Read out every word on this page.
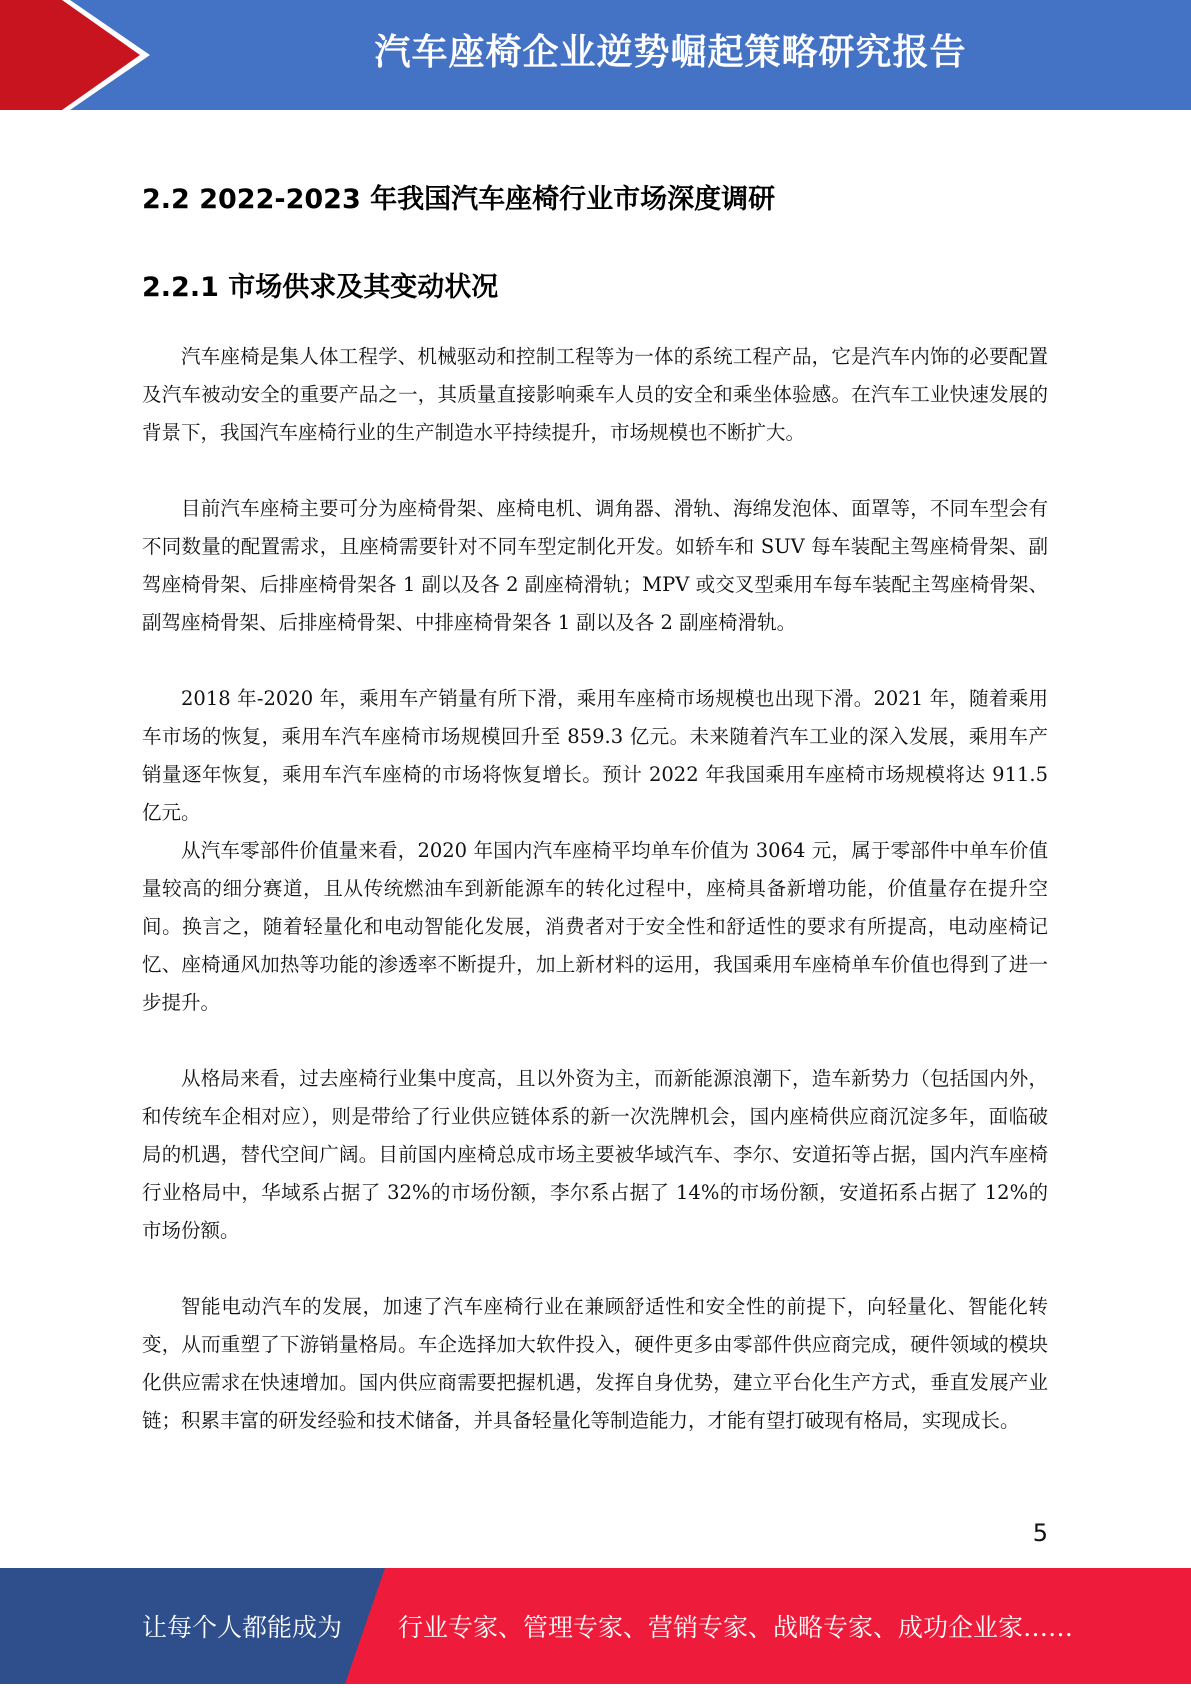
汽车座椅企业逆势崛起策略研究报告
2.2 2022-2023 年我国汽车座椅行业市场深度调研
2.2.1 市场供求及其变动状况

汽车座椅是集人体工程学、机械驱动和控制工程等为一体的系统工程产品，它是汽车内饰的必要配置及汽车被动安全的重要产品之一，其质量直接影响乘车人员的安全和乘坐体验感。在汽车工业快速发展的背景下，我国汽车座椅行业的生产制造水平持续提升，市场规模也不断扩大。

目前汽车座椅主要可分为座椅骨架、座椅电机、调角器、滑轨、海绵发泡体、面罩等，不同车型会有不同数量的配置需求，且座椅需要针对不同车型定制化开发。如轿车和 SUV 每车装配主驾座椅骨架、副驾座椅骨架、后排座椅骨架各 1 副以及各 2 副座椅滑轨；MPV 或交叉型乘用车每车装配主驾座椅骨架、副驾座椅骨架、后排座椅骨架、中排座椅骨架各 1 副以及各 2 副座椅滑轨。

2018 年-2020 年，乘用车产销量有所下滑，乘用车座椅市场规模也出现下滑。2021 年，随着乘用车市场的恢复，乘用车汽车座椅市场规模回升至 859.3 亿元。未来随着汽车工业的深入发展，乘用车产销量逐年恢复，乘用车汽车座椅的市场将恢复增长。预计 2022 年我国乘用车座椅市场规模将达 911.5 亿元。

从汽车零部件价值量来看，2020 年国内汽车座椅平均单车价值为 3064 元，属于零部件中单车价值量较高的细分赛道，且从传统燃油车到新能源车的转化过程中，座椅具备新增功能，价值量存在提升空间。换言之，随着轻量化和电动智能化发展，消费者对于安全性和舒适性的要求有所提高，电动座椅记忆、座椅通风加热等功能的渗透率不断提升，加上新材料的运用，我国乘用车座椅单车价值也得到了进一步提升。

从格局来看，过去座椅行业集中度高，且以外资为主，而新能源浪潮下，造车新势力（包括国内外，和传统车企相对应），则是带给了行业供应链体系的新一次洗牌机会，国内座椅供应商沉淀多年，面临破局的机遇，替代空间广阔。目前国内座椅总成市场主要被华域汽车、李尔、安道拓等占据，国内汽车座椅行业格局中，华域系占据了 32%的市场份额，李尔系占据了 14%的市场份额，安道拓系占据了 12%的市场份额。

智能电动汽车的发展，加速了汽车座椅行业在兼顾舒适性和安全性的前提下，向轻量化、智能化转变，从而重塑了下游销量格局。车企选择加大软件投入，硬件更多由零部件供应商完成，硬件领域的模块化供应需求在快速增加。国内供应商需要把握机遇，发挥自身优势，建立平台化生产方式，垂直发展产业链；积累丰富的研发经验和技术储备，并具备轻量化等制造能力，才能有望打破现有格局，实现成长。

5
让每个人都能成为 行业专家、管理专家、营销专家、战略专家、成功企业家……
